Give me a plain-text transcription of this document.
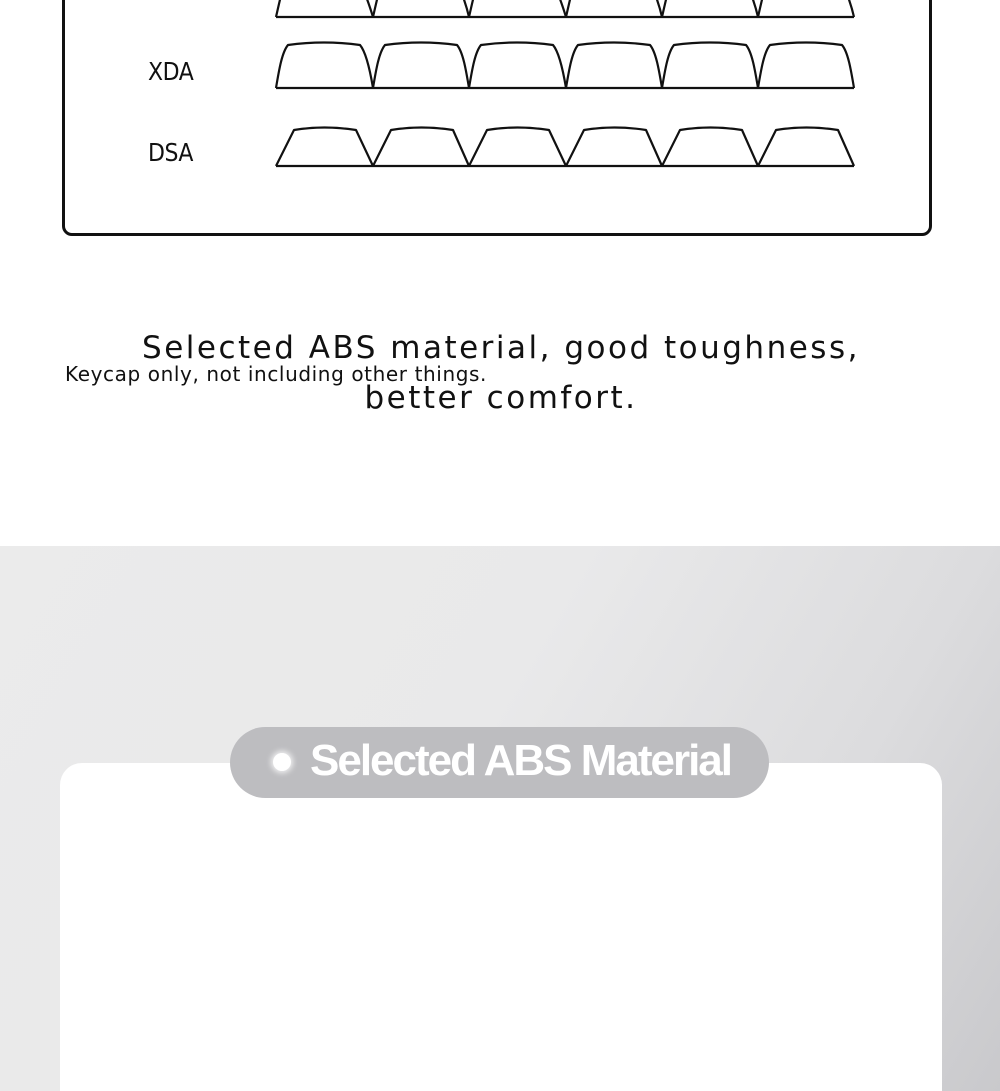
XDA
DSA
Keycap only, not including other things.
Selected ABS Material
Selected ABS material, good toughness,
better comfort.
